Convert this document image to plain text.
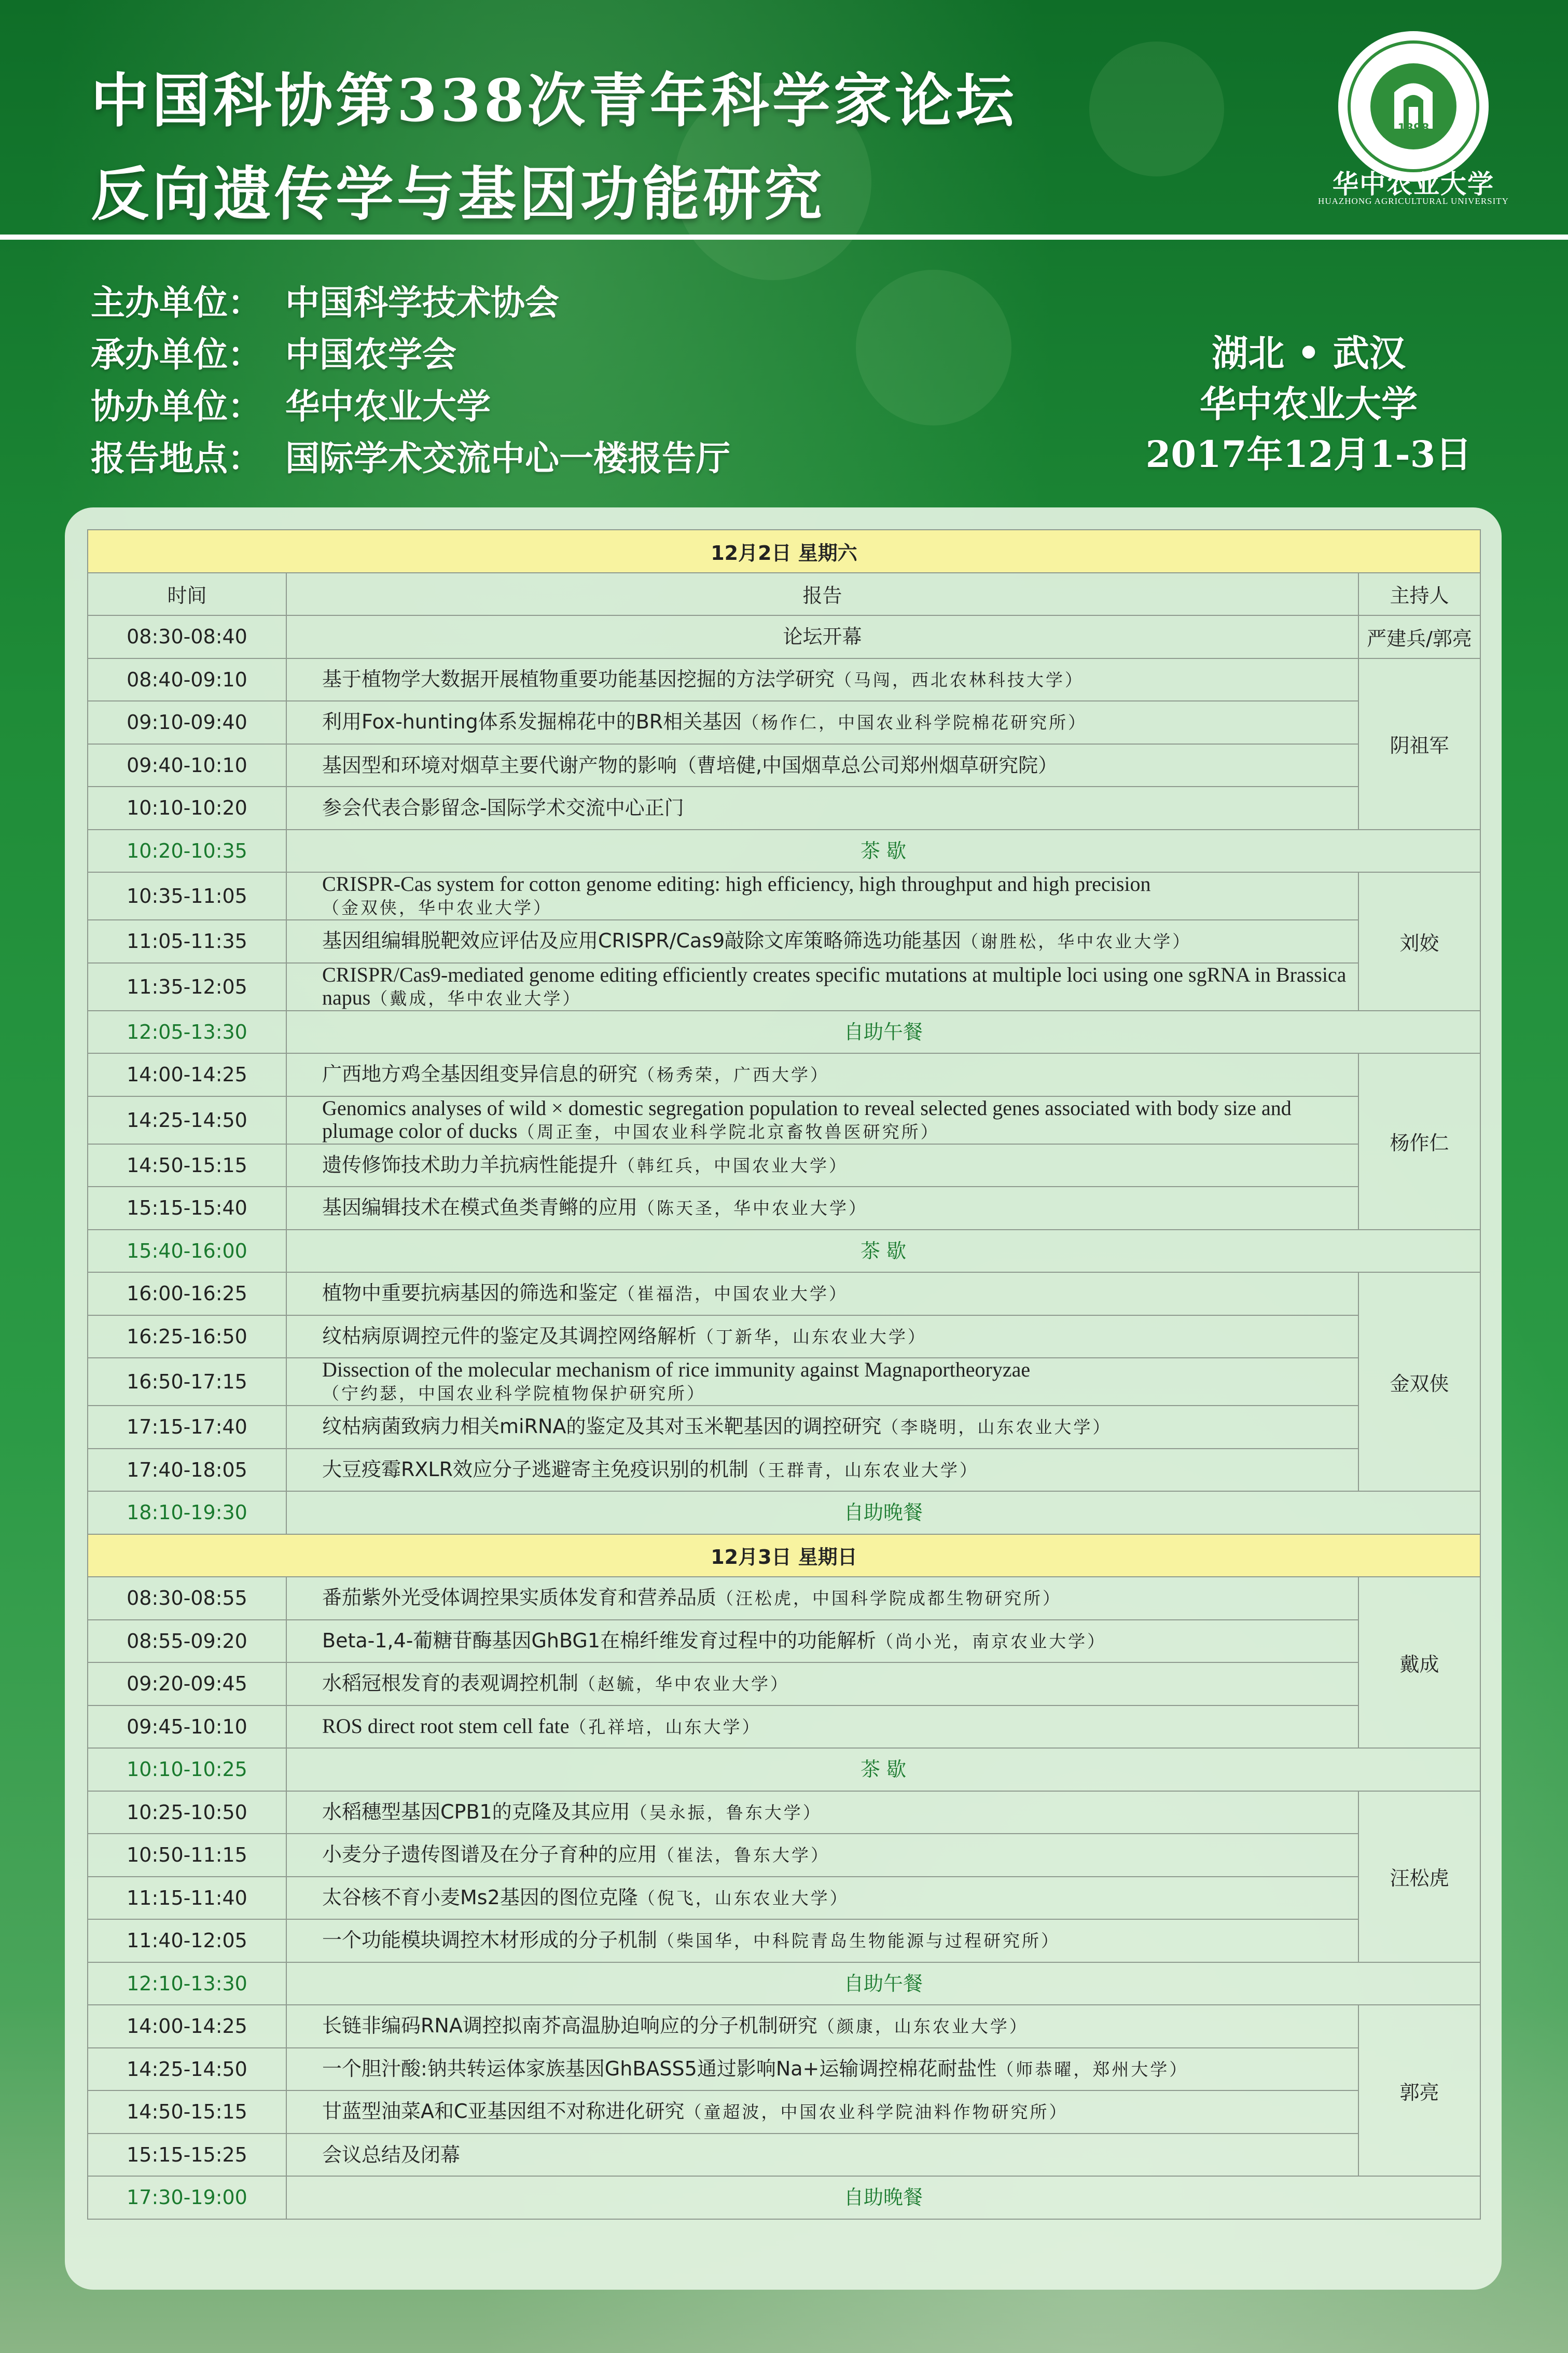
中国科协第338次青年科学家论坛
反向遗传学与基因功能研究
1898
华中农业大学
HUAZHONG AGRICULTURAL UNIVERSITY
主办单位： 中国科学技术协会
承办单位： 中国农学会
协办单位： 华中农业大学
报告地点： 国际学术交流中心一楼报告厅
湖北 • 武汉
华中农业大学
2017年12月1-3日
12月2日 星期六		
时间	报告	主持人
08:30-08:40	论坛开幕	严建兵/郭亮
08:40-09:10	基于植物学大数据开展植物重要功能基因挖掘的方法学研究（马闯，西北农林科技大学）	阴祖军
09:10-09:40	利用Fox-hunting体系发掘棉花中的BR相关基因（杨作仁，中国农业科学院棉花研究所）	
09:40-10:10	基因型和环境对烟草主要代谢产物的影响（曹培健,中国烟草总公司郑州烟草研究院）	
10:10-10:20	参会代表合影留念-国际学术交流中心正门	
10:20-10:35	茶 歇	
10:35-11:05	CRISPR-Cas system for cotton genome editing: high efficiency, high throughput and high precision
（金双侠，华中农业大学）	刘姣
11:05-11:35	基因组编辑脱靶效应评估及应用CRISPR/Cas9敲除文库策略筛选功能基因（谢胜松，华中农业大学）	
11:35-12:05	CRISPR/Cas9-mediated genome editing efficiently creates specific mutations at multiple loci using one sgRNA in Brassica napus（戴成，华中农业大学）	
12:05-13:30	自助午餐	
14:00-14:25	广西地方鸡全基因组变异信息的研究（杨秀荣，广西大学）	杨作仁
14:25-14:50	Genomics analyses of wild × domestic segregation population to reveal selected genes associated with body size and plumage color of ducks（周正奎，中国农业科学院北京畜牧兽医研究所）	
14:50-15:15	遗传修饰技术助力羊抗病性能提升（韩红兵，中国农业大学）	
15:15-15:40	基因编辑技术在模式鱼类青鳉的应用（陈天圣，华中农业大学）	
15:40-16:00	茶 歇	
16:00-16:25	植物中重要抗病基因的筛选和鉴定（崔福浩，中国农业大学）	金双侠
16:25-16:50	纹枯病原调控元件的鉴定及其调控网络解析（丁新华，山东农业大学）	
16:50-17:15	Dissection of the molecular mechanism of rice immunity against Magnaportheoryzae
（宁约瑟，中国农业科学院植物保护研究所）	
17:15-17:40	纹枯病菌致病力相关miRNA的鉴定及其对玉米靶基因的调控研究（李晓明，山东农业大学）	
17:40-18:05	大豆疫霉RXLR效应分子逃避寄主免疫识别的机制（王群青，山东农业大学）	
18:10-19:30	自助晚餐	
12月3日 星期日		
08:30-08:55	番茄紫外光受体调控果实质体发育和营养品质（汪松虎，中国科学院成都生物研究所）	戴成
08:55-09:20	Beta-1,4-葡糖苷酶基因GhBG1在棉纤维发育过程中的功能解析（尚小光，南京农业大学）	
09:20-09:45	水稻冠根发育的表观调控机制（赵毓，华中农业大学）	
09:45-10:10	ROS direct root stem cell fate（孔祥培，山东大学）	
10:10-10:25	茶 歇	
10:25-10:50	水稻穗型基因CPB1的克隆及其应用（吴永振，鲁东大学）	汪松虎
10:50-11:15	小麦分子遗传图谱及在分子育种的应用（崔法，鲁东大学）	
11:15-11:40	太谷核不育小麦Ms2基因的图位克隆（倪飞，山东农业大学）	
11:40-12:05	一个功能模块调控木材形成的分子机制（柴国华，中科院青岛生物能源与过程研究所）	
12:10-13:30	自助午餐	
14:00-14:25	长链非编码RNA调控拟南芥高温胁迫响应的分子机制研究（颜康，山东农业大学）	郭亮
14:25-14:50	一个胆汁酸:钠共转运体家族基因GhBASS5通过影响Na+运输调控棉花耐盐性（师恭曜，郑州大学）	
14:50-15:15	甘蓝型油菜A和C亚基因组不对称进化研究（童超波，中国农业科学院油料作物研究所）	
15:15-15:25	会议总结及闭幕	
17:30-19:00	自助晚餐	
